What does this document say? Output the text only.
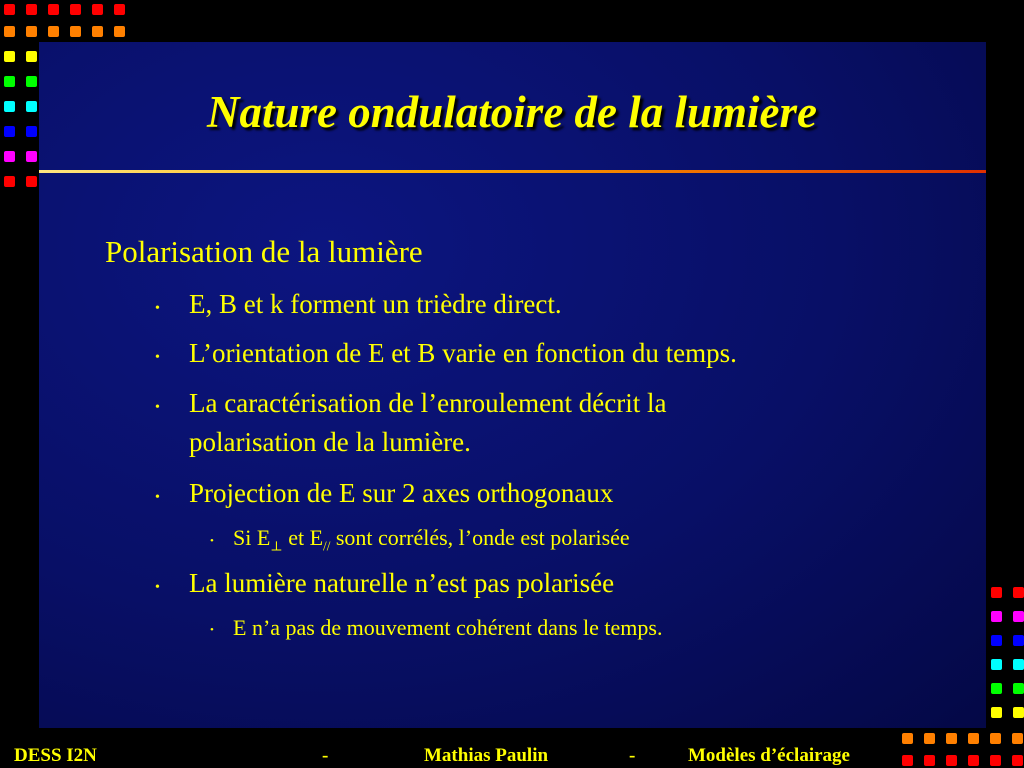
Nature ondulatoire de la lumière
Polarisation de la lumière
• E, B et k forment un trièdre direct.
• L’orientation de E et B varie en fonction du temps.
• La caractérisation de l’enroulement décrit la
polarisation de la lumière.
• Projection de E sur 2 axes orthogonaux
• Si $E_\perp$ et $E_{//}$ sont corrélés, l’onde est polarisée
• La lumière naturelle n’est pas polarisée
• E n’a pas de mouvement cohérent dans le temps.
DESS I2N	-	Mathias Paulin	-	Modèles d’éclairage
